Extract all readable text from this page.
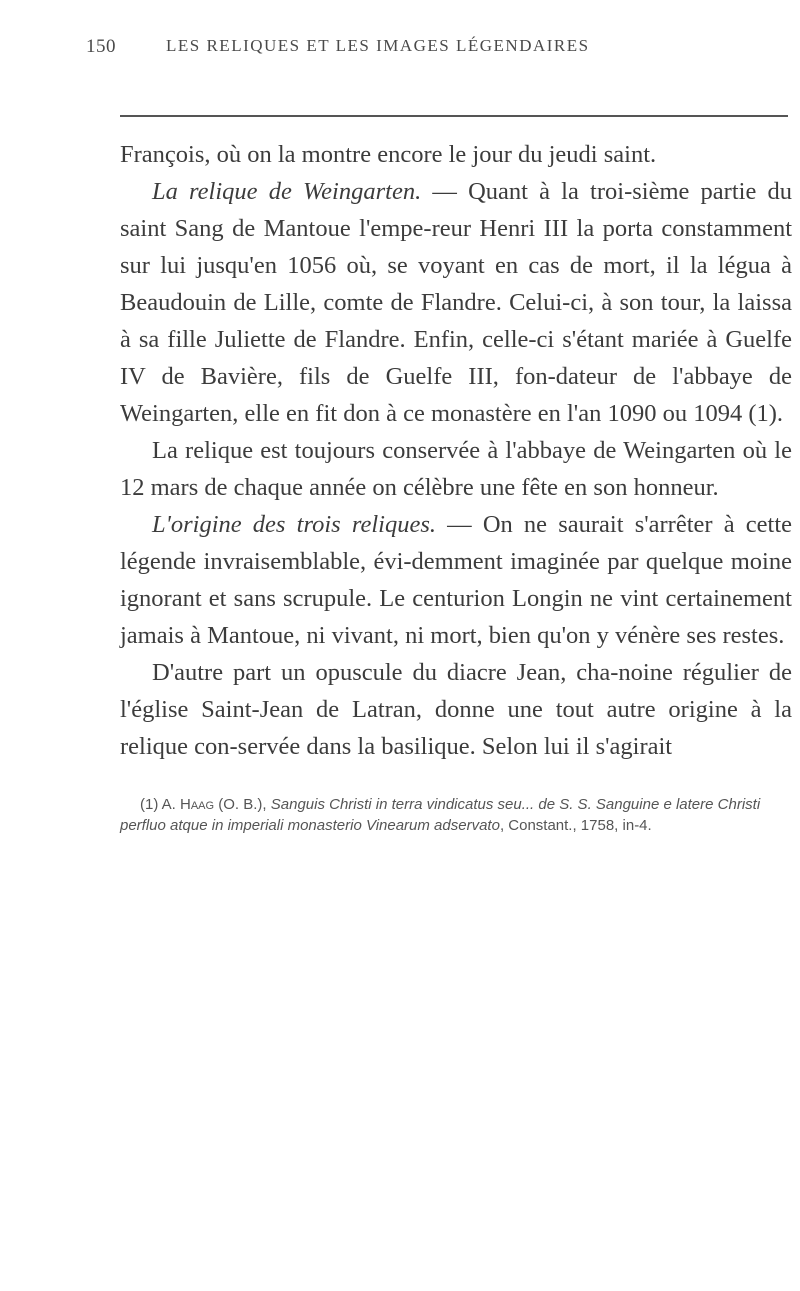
150	LES RELIQUES ET LES IMAGES LÉGENDAIRES

François, où on la montre encore le jour du jeudi saint.

La relique de Weingarten. — Quant à la troi-sième partie du saint Sang de Mantoue l'empe-reur Henri III la porta constamment sur lui jusqu'en 1056 où, se voyant en cas de mort, il la légua à Beaudouin de Lille, comte de Flandre. Celui-ci, à son tour, la laissa à sa fille Juliette de Flandre. Enfin, celle-ci s'étant mariée à Guelfe IV de Bavière, fils de Guelfe III, fon-dateur de l'abbaye de Weingarten, elle en fit don à ce monastère en l'an 1090 ou 1094 (1).

La relique est toujours conservée à l'abbaye de Weingarten où le 12 mars de chaque année on célèbre une fête en son honneur.

L'origine des trois reliques. — On ne saurait s'arrêter à cette légende invraisemblable, évi-demment imaginée par quelque moine ignorant et sans scrupule. Le centurion Longin ne vint certainement jamais à Mantoue, ni vivant, ni mort, bien qu'on y vénère ses restes.

D'autre part un opuscule du diacre Jean, cha-noine régulier de l'église Saint-Jean de Latran, donne une tout autre origine à la relique con-servée dans la basilique. Selon lui il s'agirait

(1) A. Haag (O. B.), Sanguis Christi in terra vindicatus seu... de S. S. Sanguine e latere Christi perfluo atque in imperiali monasterio Vinearum adservato, Constant., 1758, in-4.
